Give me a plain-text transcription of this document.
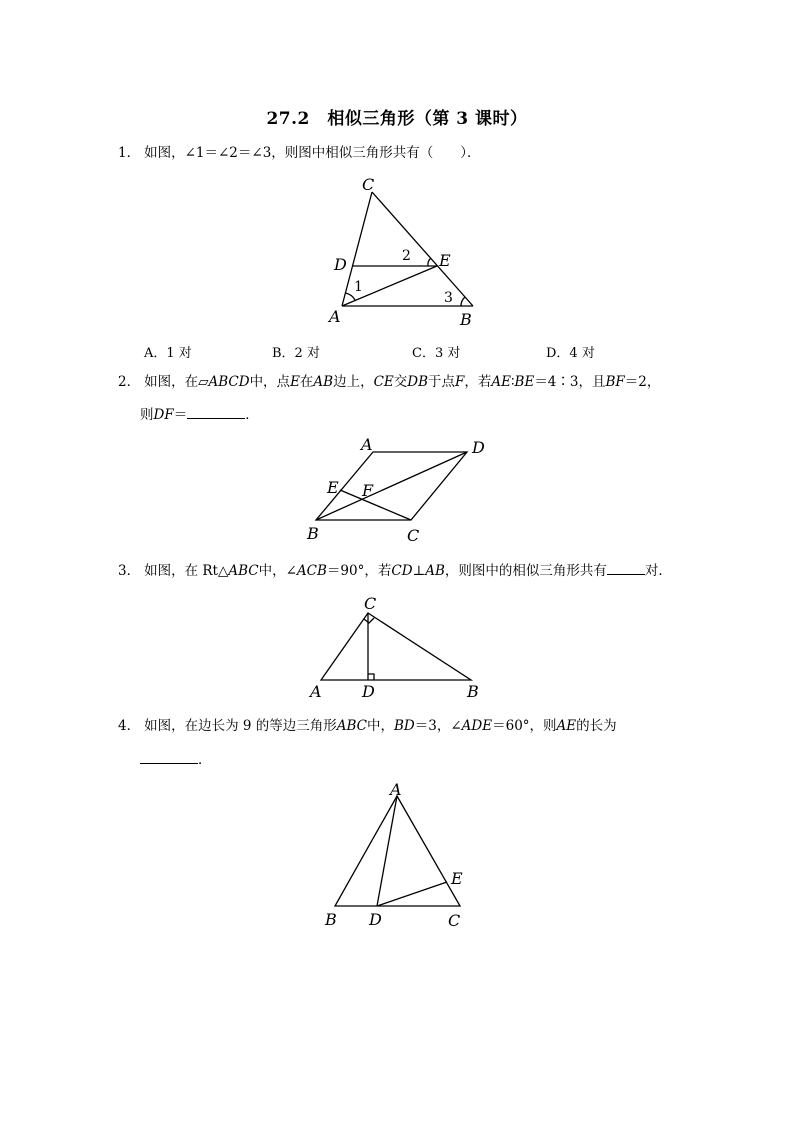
27.2　相似三角形（第 3 课时）
1． 如图，∠1＝∠2＝∠3，则图中相似三角形共有（　　）．
C
D	E
A	B
1
2
3
A	D
E F
B	C
C
A	D	B
A
E
B D	C
A．1 对	B．2 对	C．3 对	D．4 对
2． 如图，在▱ABCD中，点E在AB边上，CE交DB于点F，若AE∶BE＝4∶3，且BF＝2，
则DF＝	．
3． 如图，在 Rt△ABC中，∠ACB＝90°，若CD⊥AB，则图中的相似三角形共有	对．
4． 如图，在边长为 9 的等边三角形ABC中，BD＝3，∠ADE＝60°，则AE的长为
．
